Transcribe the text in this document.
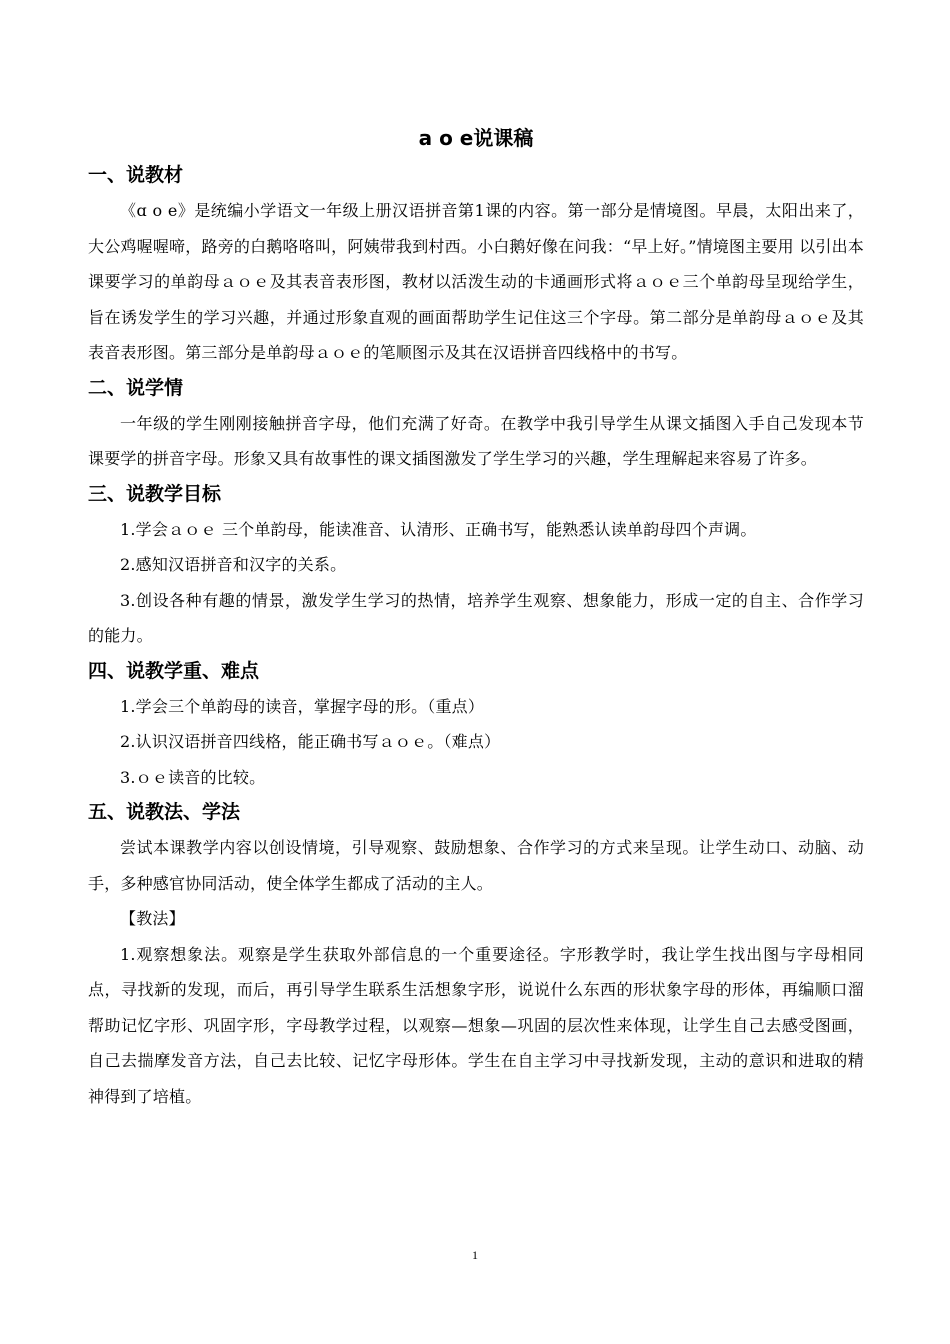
a o e说课稿
一、说教材

《ɑ o e》是统编小学语文一年级上册汉语拼音第1课的内容。第一部分是情境图。早晨，太阳出来了，大公鸡喔喔啼，路旁的白鹅咯咯叫，阿姨带我到村西。小白鹅好像在问我：“早上好。”情境图主要用 以引出本课要学习的单韵母ａｏｅ及其表音表形图，教材以活泼生动的卡通画形式将ａｏｅ三个单韵母呈现给学生，旨在诱发学生的学习兴趣，并通过形象直观的画面帮助学生记住这三个字母。第二部分是单韵母ａｏｅ及其表音表形图。第三部分是单韵母ａｏｅ的笔顺图示及其在汉语拼音四线格中的书写。

二、说学情

一年级的学生刚刚接触拼音字母，他们充满了好奇。在教学中我引导学生从课文插图入手自己发现本节课要学的拼音字母。形象又具有故事性的课文插图激发了学生学习的兴趣，学生理解起来容易了许多。

三、说教学目标

1.学会ａｏｅ 三个单韵母，能读准音、认清形、正确书写，能熟悉认读单韵母四个声调。

2.感知汉语拼音和汉字的关系。

3.创设各种有趣的情景，激发学生学习的热情，培养学生观察、想象能力，形成一定的自主、合作学习的能力。

四、说教学重、难点

1.学会三个单韵母的读音，掌握字母的形。（重点）

2.认识汉语拼音四线格，能正确书写ａｏｅ。（难点）

3.ｏｅ读音的比较。

五、说教法、学法

尝试本课教学内容以创设情境，引导观察、鼓励想象、合作学习的方式来呈现。让学生动口、动脑、动手，多种感官协同活动，使全体学生都成了活动的主人。

【教法】

1.观察想象法。观察是学生获取外部信息的一个重要途径。字形教学时，我让学生找出图与字母相同点，寻找新的发现，而后，再引导学生联系生活想象字形，说说什么东西的形状象字母的形体，再编顺口溜帮助记忆字形、巩固字形，字母教学过程，以观察—想象—巩固的层次性来体现，让学生自己去感受图画，自己去揣摩发音方法，自己去比较、记忆字母形体。学生在自主学习中寻找新发现，主动的意识和进取的精神得到了培植。

1
